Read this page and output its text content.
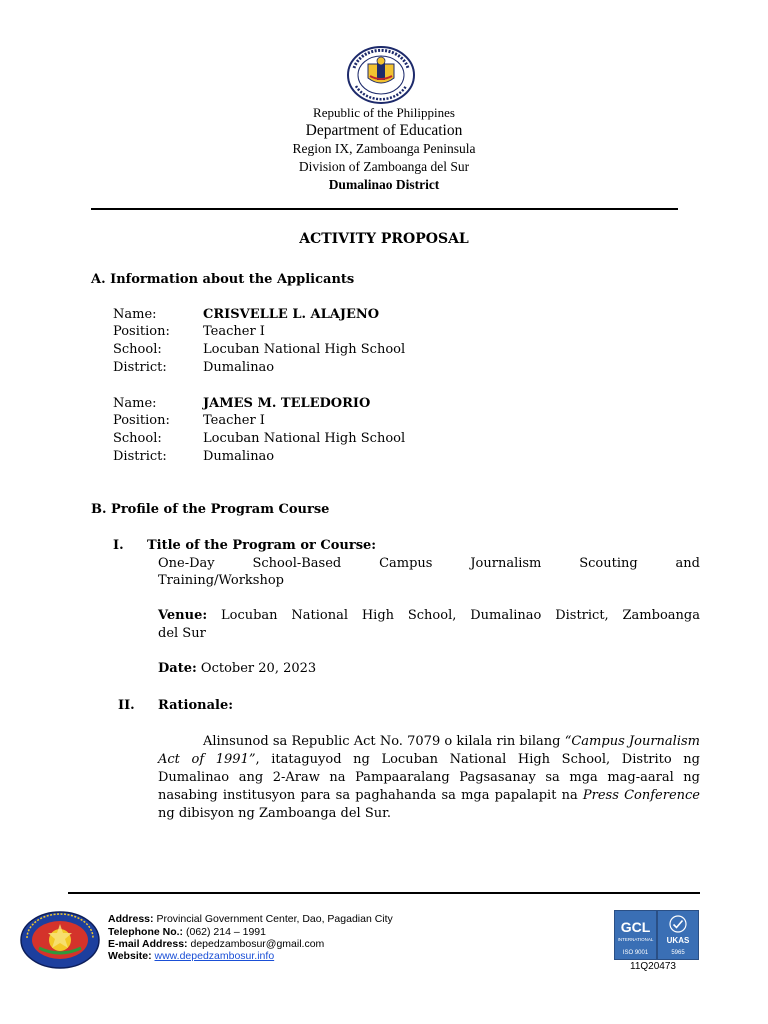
Republic of the Philippines
Department of Education
Region IX, Zamboanga Peninsula
Division of Zamboanga del Sur
Dumalinao District
ACTIVITY PROPOSAL
A. Information about the Applicants
Name:	CRISVELLE L. ALAJENO
Position:	Teacher I
School:	Locuban National High School
District:	Dumalinao
Name:	JAMES M. TELEDORIO
Position:	Teacher I
School:	Locuban National High School
District:	Dumalinao
B. Profile of the Program Course
I. Title of the Program or Course:
One-Day School-Based Campus Journalism Scouting and
Training/Workshop
Venue: Locuban National High School, Dumalinao District, Zamboanga
del Sur
Date: October 20, 2023
II. Rationale:
Alinsunod sa Republic Act No. 7079 o kilala rin bilang “Campus Journalism Act of 1991”, itataguyod ng Locuban National High School, Distrito ng Dumalinao ang 2-Araw na Pampaaralang Pagsasanay sa mga mag-aaral ng nasabing institusyon para sa paghahanda sa mga papalapit na Press Conference ng dibisyon ng Zamboanga del Sur.
Address: Provincial Government Center, Dao, Pagadian City
Telephone No.: (062) 214 – 1991
E-mail Address: depedzambosur@gmail.com
Website: www.depedzambosur.info
GCL
INTERNATIONAL
ISO 9001
UKAS
5965
11Q20473
